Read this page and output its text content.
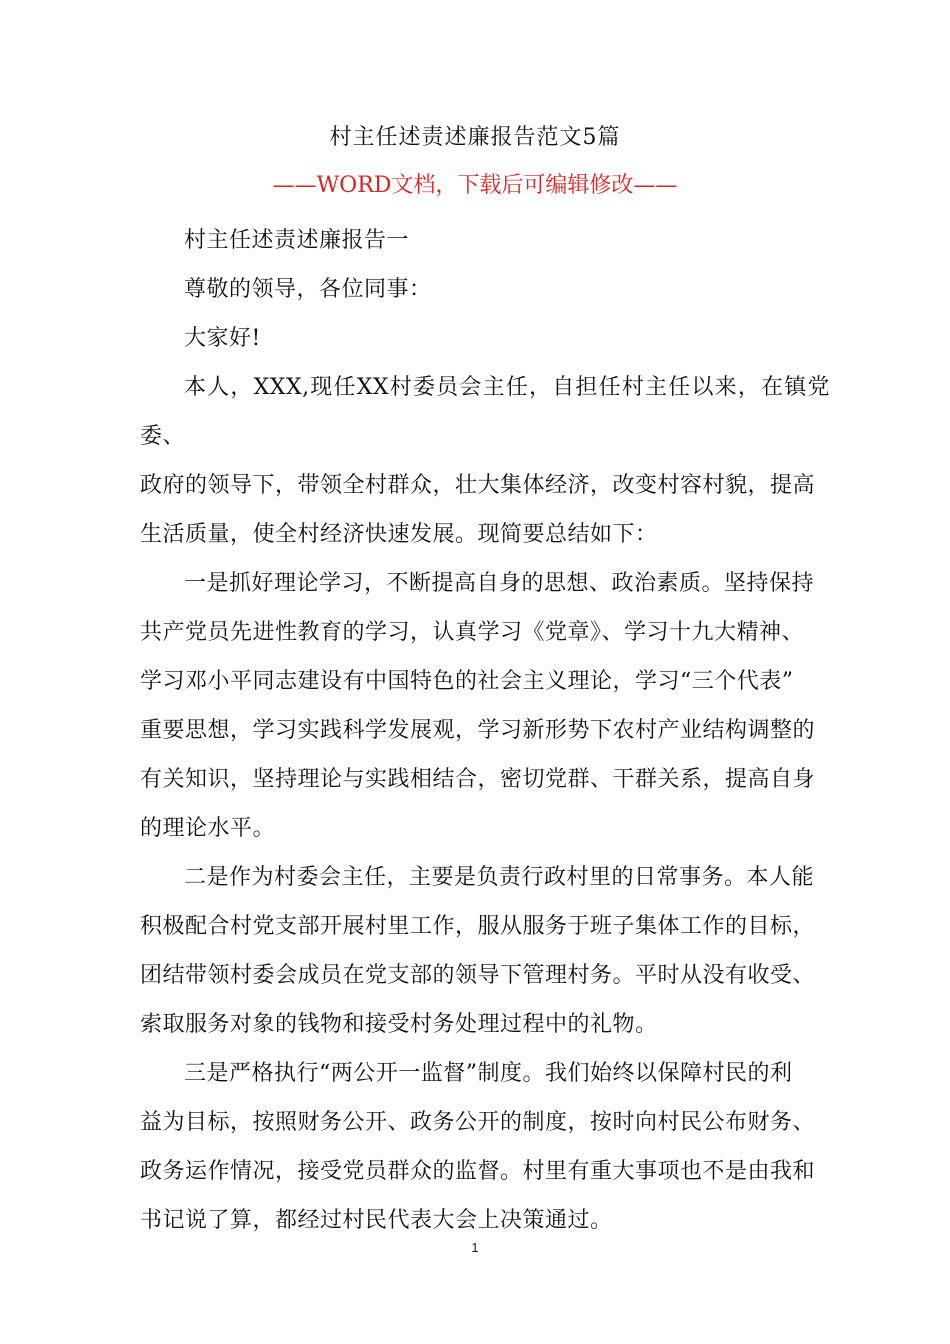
村主任述责述廉报告范文5篇
——WORD文档，下载后可编辑修改——
村主任述责述廉报告一
尊敬的领导，各位同事：
大家好!
本人，XXX,现任XX村委员会主任，自担任村主任以来，在镇党委、
政府的领导下，带领全村群众，壮大集体经济，改变村容村貌，提高
生活质量，使全村经济快速发展。现简要总结如下：
一是抓好理论学习，不断提高自身的思想、政治素质。坚持保持
共产党员先进性教育的学习，认真学习《党章》、学习十九大精神、
学习邓小平同志建设有中国特色的社会主义理论，学习“三个代表”
重要思想，学习实践科学发展观，学习新形势下农村产业结构调整的
有关知识，坚持理论与实践相结合，密切党群、干群关系，提高自身
的理论水平。
二是作为村委会主任，主要是负责行政村里的日常事务。本人能
积极配合村党支部开展村里工作，服从服务于班子集体工作的目标，
团结带领村委会成员在党支部的领导下管理村务。平时从没有收受、
索取服务对象的钱物和接受村务处理过程中的礼物。
三是严格执行“两公开一监督”制度。我们始终以保障村民的利
益为目标，按照财务公开、政务公开的制度，按时向村民公布财务、
政务运作情况，接受党员群众的监督。村里有重大事项也不是由我和
书记说了算，都经过村民代表大会上决策通过。
1
